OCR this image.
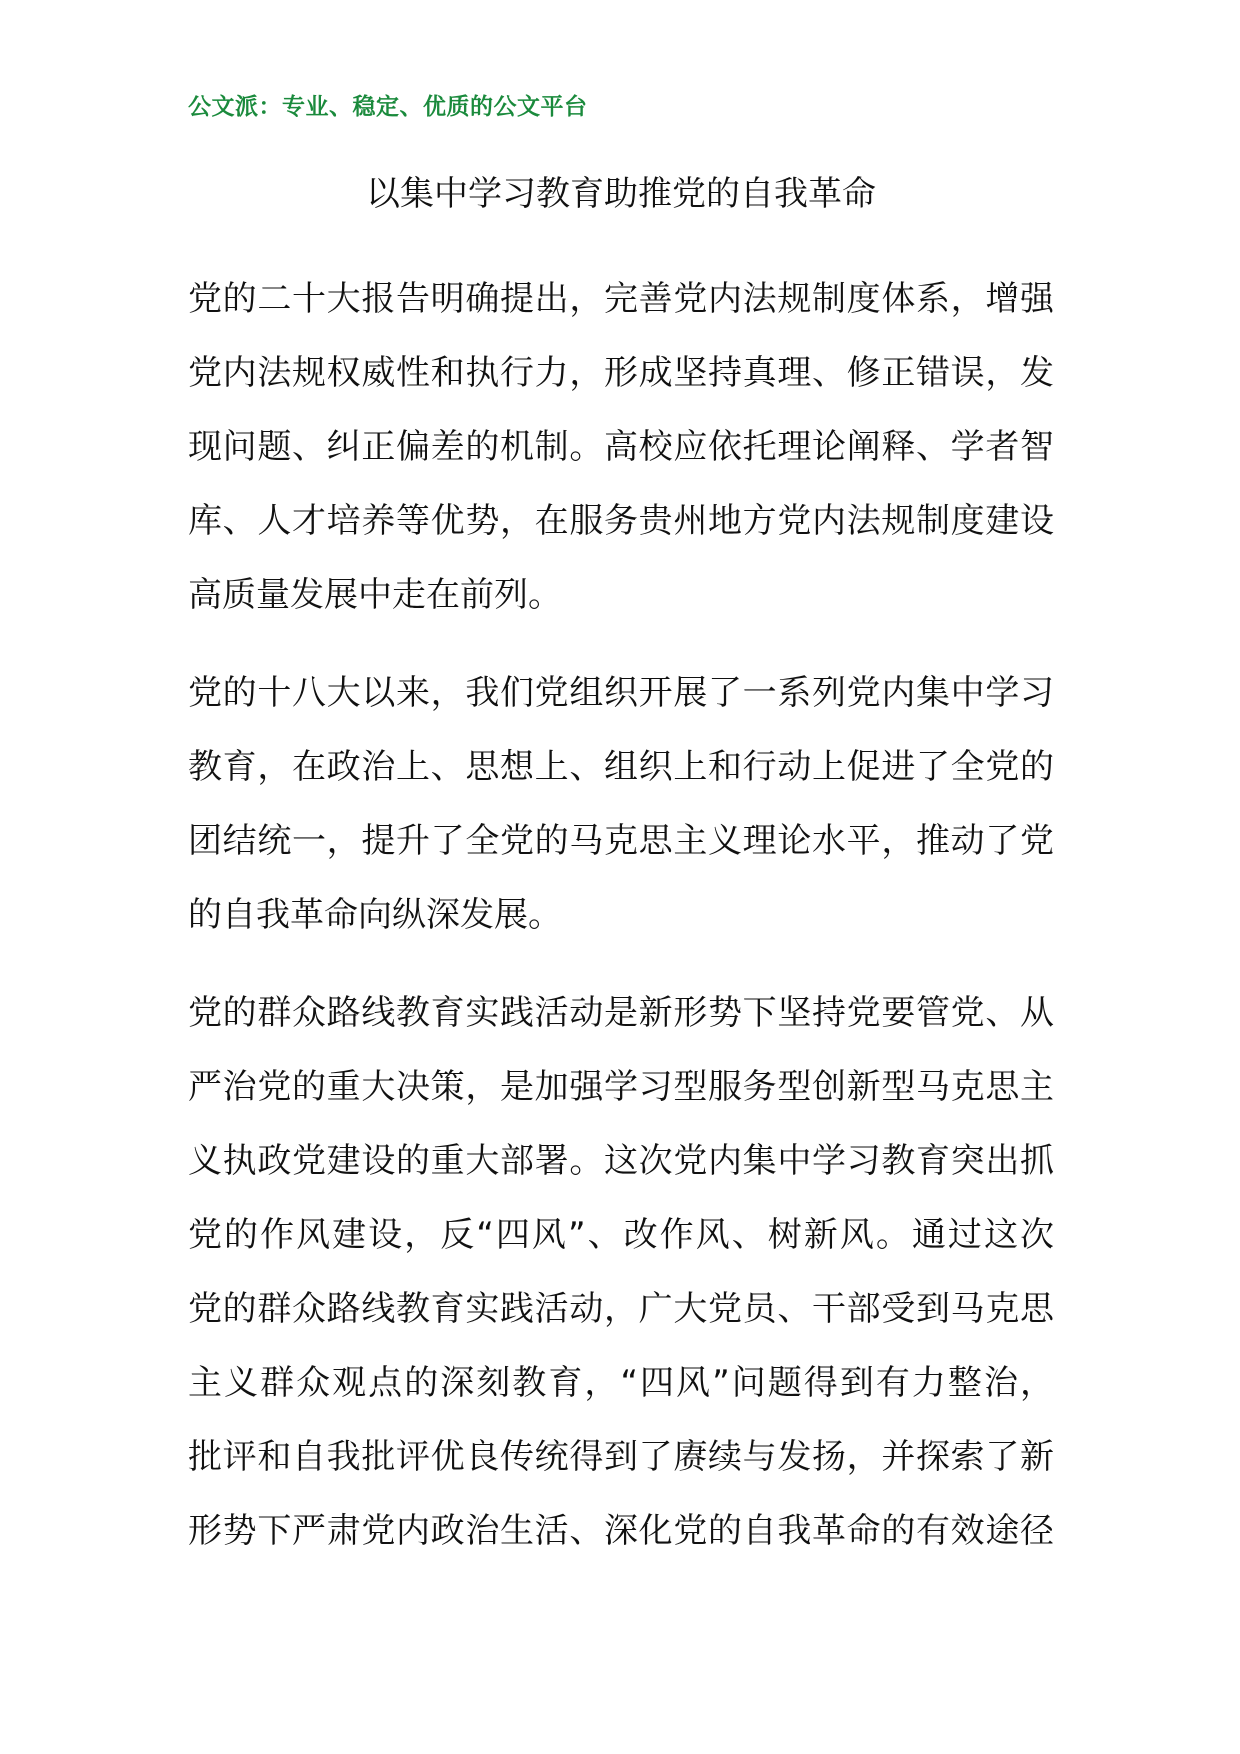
公文派：专业、稳定、优质的公文平台
以集中学习教育助推党的自我革命

党的二十大报告明确提出，完善党内法规制度体系，增强
党内法规权威性和执行力，形成坚持真理、修正错误，发
现问题、纠正偏差的机制。高校应依托理论阐释、学者智
库、人才培养等优势，在服务贵州地方党内法规制度建设
高质量发展中走在前列。

党的十八大以来，我们党组织开展了一系列党内集中学习
教育，在政治上、思想上、组织上和行动上促进了全党的
团结统一，提升了全党的马克思主义理论水平，推动了党
的自我革命向纵深发展。

党的群众路线教育实践活动是新形势下坚持党要管党、从
严治党的重大决策，是加强学习型服务型创新型马克思主
义执政党建设的重大部署。这次党内集中学习教育突出抓
党的作风建设，反“四风”、改作风、树新风。通过这次
党的群众路线教育实践活动，广大党员、干部受到马克思
主义群众观点的深刻教育，“四风”问题得到有力整治，
批评和自我批评优良传统得到了赓续与发扬，并探索了新
形势下严肃党内政治生活、深化党的自我革命的有效途径
